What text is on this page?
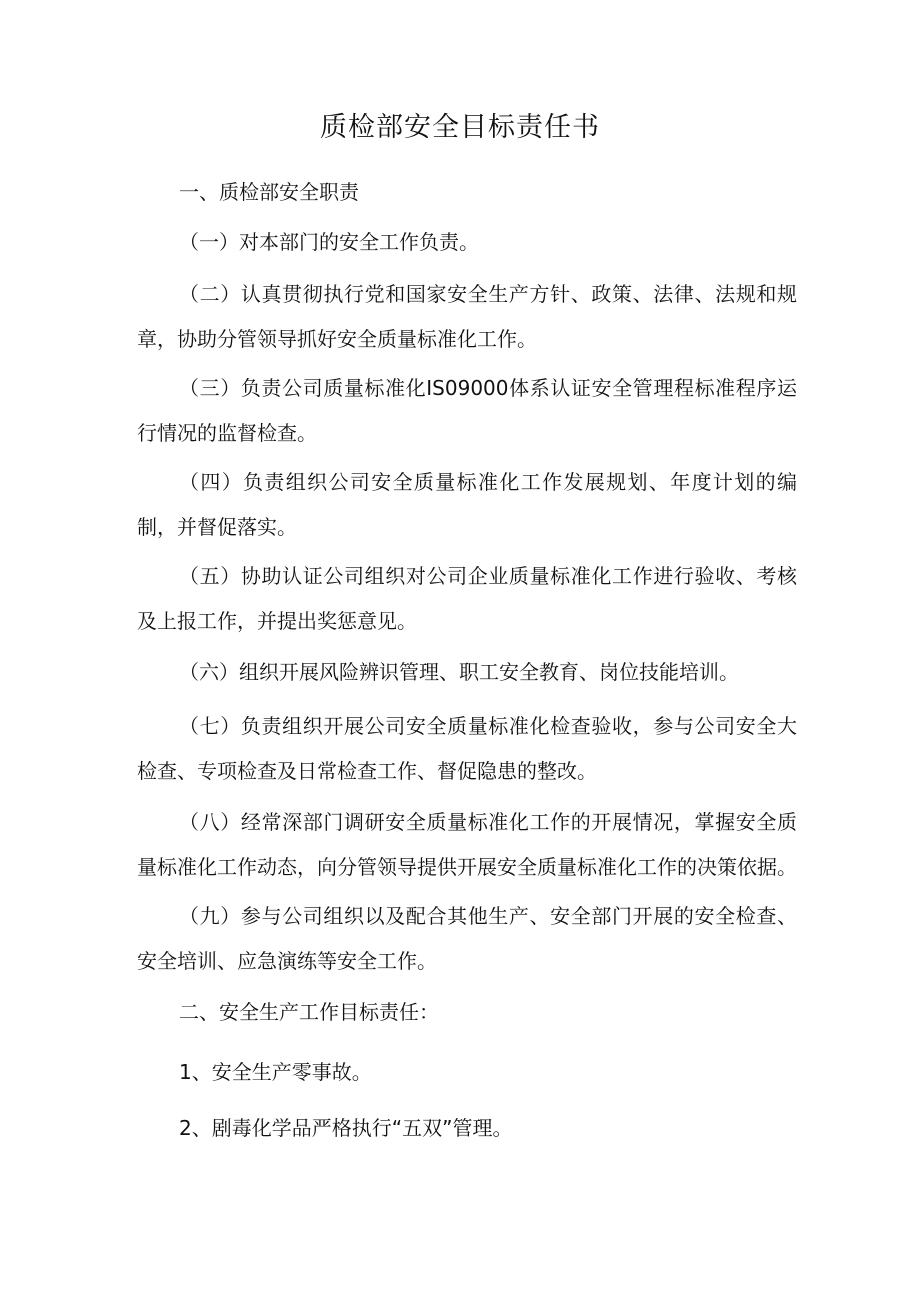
质检部安全目标责任书

一、质检部安全职责

（一）对本部门的安全工作负责。

（二）认真贯彻执行党和国家安全生产方针、政策、法律、法规和规章，协助分管领导抓好安全质量标准化工作。

（三）负责公司质量标准化IS09000体系认证安全管理程标准程序运行情况的监督检查。

（四）负责组织公司安全质量标准化工作发展规划、年度计划的编制，并督促落实。

（五）协助认证公司组织对公司企业质量标准化工作进行验收、考核及上报工作，并提出奖惩意见。

（六）组织开展风险辨识管理、职工安全教育、岗位技能培训。

（七）负责组织开展公司安全质量标准化检查验收，参与公司安全大检查、专项检查及日常检查工作、督促隐患的整改。

（八）经常深部门调研安全质量标准化工作的开展情况，掌握安全质量标准化工作动态，向分管领导提供开展安全质量标准化工作的决策依据。

（九）参与公司组织以及配合其他生产、安全部门开展的安全检查、安全培训、应急演练等安全工作。

二、安全生产工作目标责任：

1、安全生产零事故。

2、剧毒化学品严格执行“五双”管理。
